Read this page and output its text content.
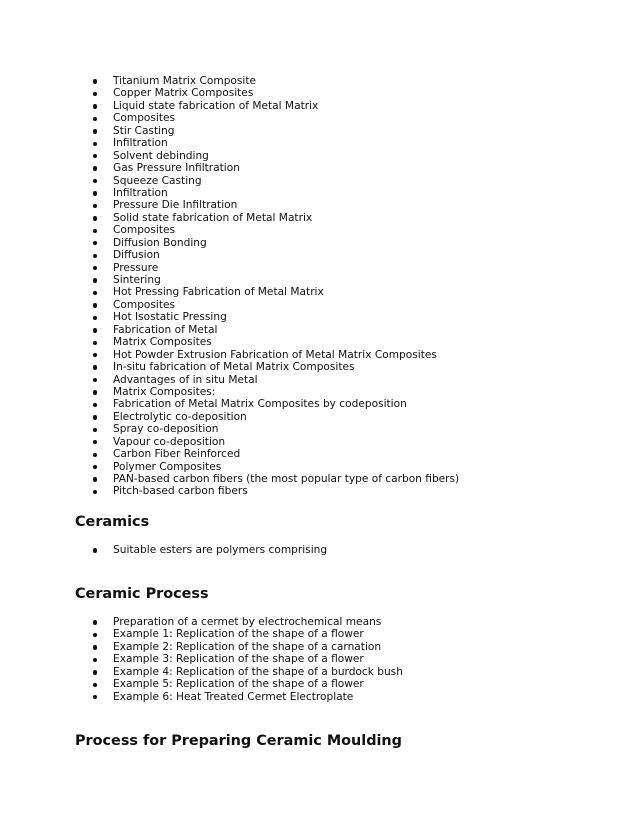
Titanium Matrix Composite
Copper Matrix Composites
Liquid state fabrication of Metal Matrix
Composites
Stir Casting
Infiltration
Solvent debinding
Gas Pressure Infiltration
Squeeze Casting
Infiltration
Pressure Die Infiltration
Solid state fabrication of Metal Matrix
Composites
Diffusion Bonding
Diffusion
Pressure
Sintering
Hot Pressing Fabrication of Metal Matrix
Composites
Hot Isostatic Pressing
Fabrication of Metal
Matrix Composites
Hot Powder Extrusion Fabrication of Metal Matrix Composites
In-situ fabrication of Metal Matrix Composites
Advantages of in situ Metal
Matrix Composites:
Fabrication of Metal Matrix Composites by codeposition
Electrolytic co-deposition
Spray co-deposition
Vapour co-deposition
Carbon Fiber Reinforced
Polymer Composites
PAN-based carbon fibers (the most popular type of carbon fibers)
Pitch-based carbon fibers
Ceramics
Suitable esters are polymers comprising
Ceramic Process
Preparation of a cermet by electrochemical means
Example 1: Replication of the shape of a flower
Example 2: Replication of the shape of a carnation
Example 3: Replication of the shape of a flower
Example 4: Replication of the shape of a burdock bush
Example 5: Replication of the shape of a flower
Example 6: Heat Treated Cermet Electroplate
Process for Preparing Ceramic Moulding
